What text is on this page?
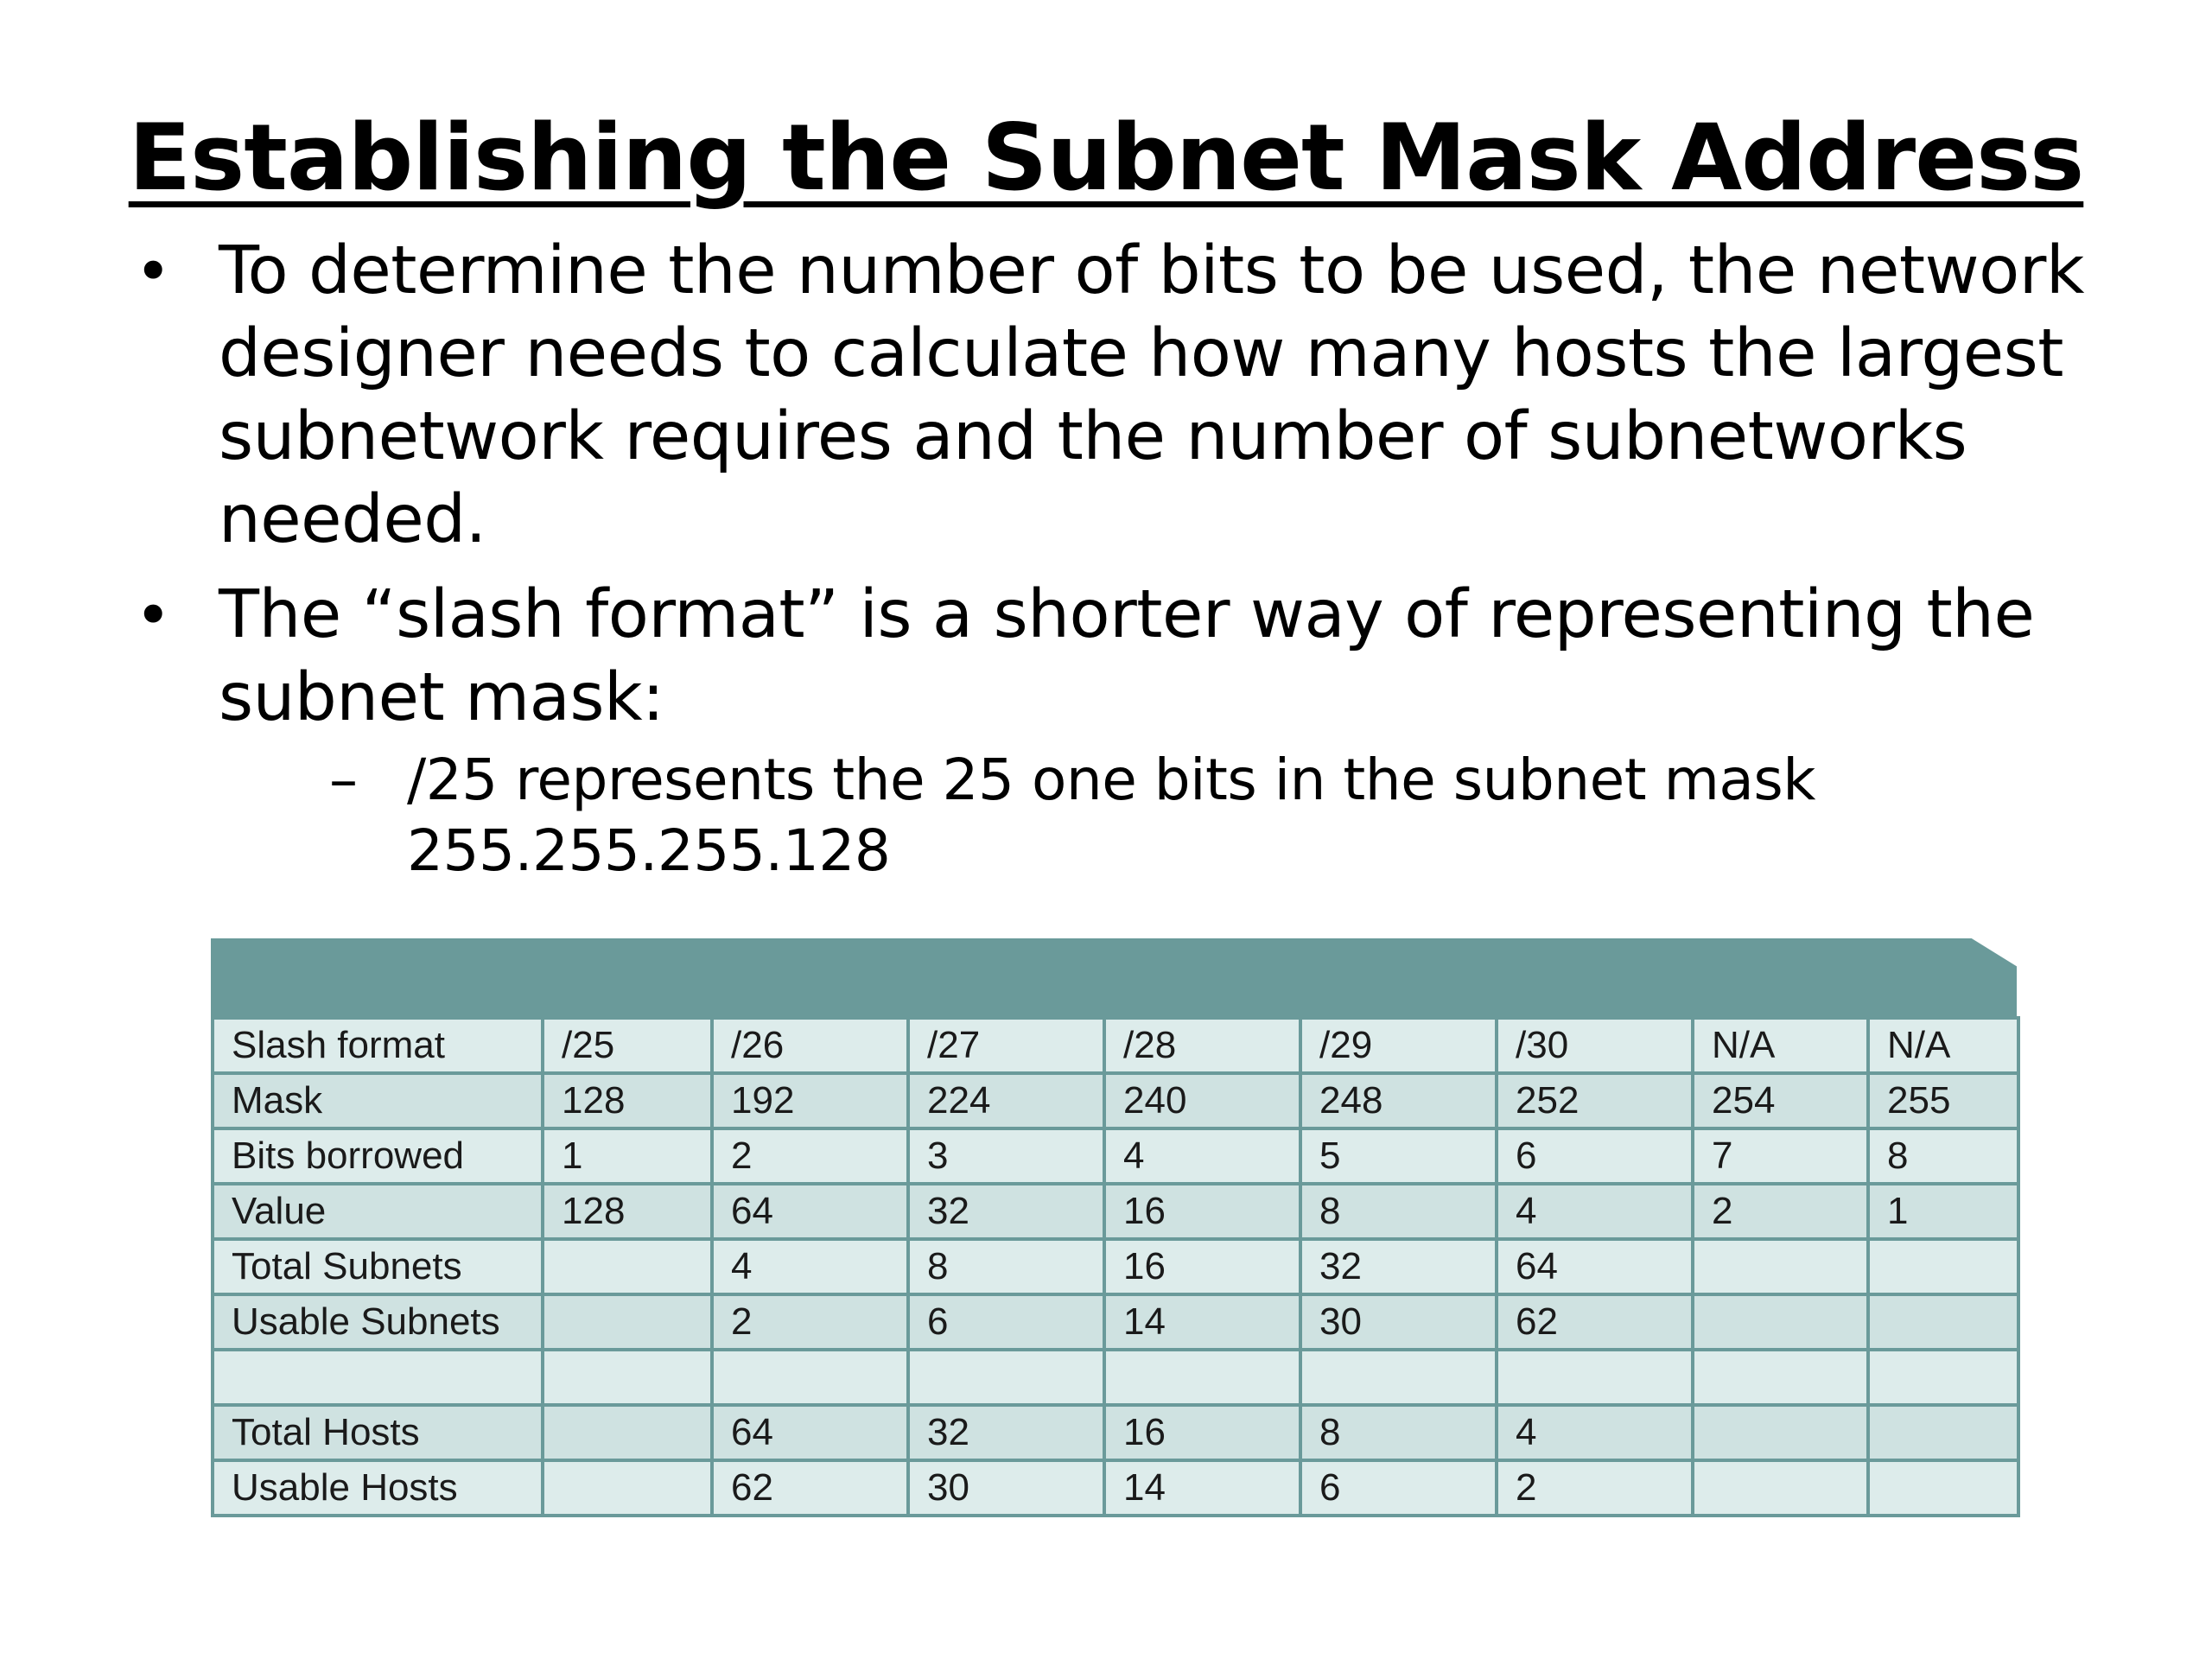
Establishing the Subnet Mask Address
• To determine the number of bits to be used, the network designer needs to calculate how many hosts the largest subnetwork requires and the number of subnetworks needed.
• The “slash format” is a shorter way of representing the subnet mask:
– /25 represents the 25 one bits in the subnet mask 255.255.255.128
Slash format	/25	/26	/27	/28	/29	/30	N/A	N/A
Mask	128	192	224	240	248	252	254	255
Bits borrowed	1	2	3	4	5	6	7	8
Value	128	64	32	16	8	4	2	1
Total Subnets		4	8	16	32	64		
Usable Subnets		2	6	14	30	62		

Total Hosts		64	32	16	8	4		
Usable Hosts		62	30	14	6	2		
